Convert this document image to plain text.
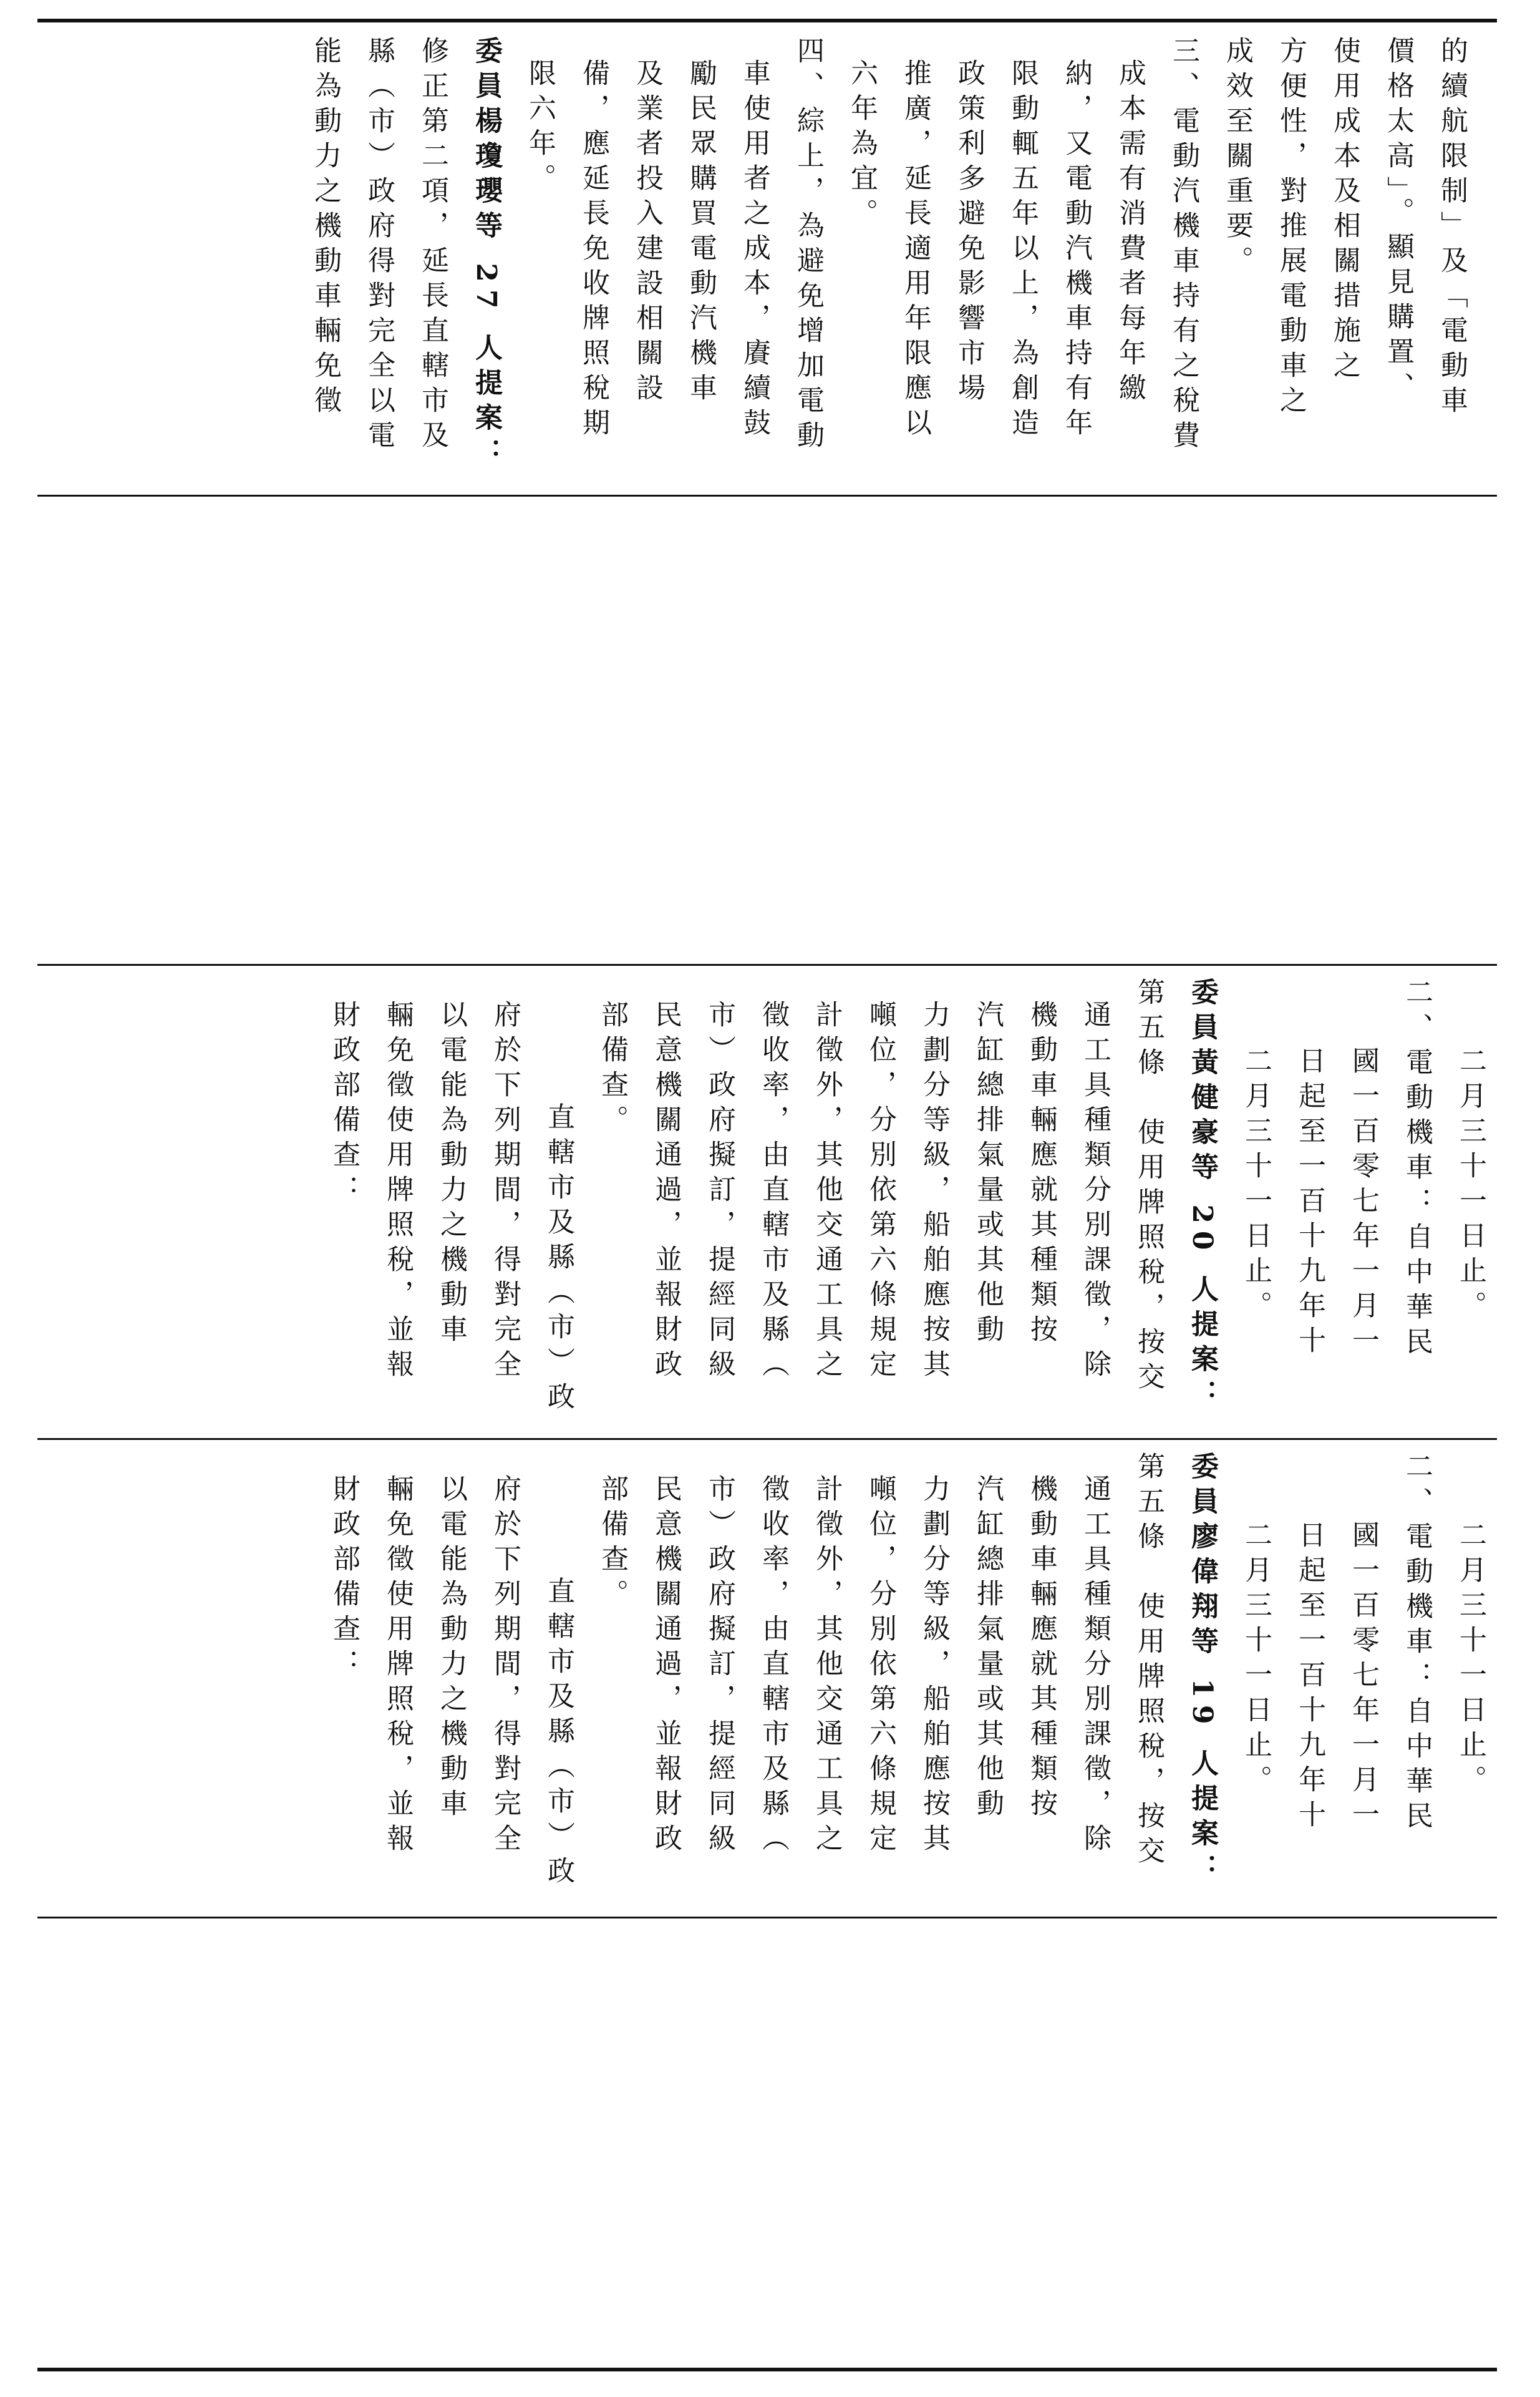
的續航限制」及「電動車
價格太高」。顯見購置、
使用成本及相關措施之
方便性，對推展電動車之
成效至關重要。
三、電動汽機車持有之稅費
成本需有消費者每年繳
納，又電動汽機車持有年
限動輒五年以上，為創造
政策利多避免影響市場
推廣，延長適用年限應以
六年為宜。
四、綜上，為避免增加電動
車使用者之成本，賡續鼓
勵民眾購買電動汽機車
及業者投入建設相關設
備，應延長免收牌照稅期
限六年。
委員楊瓊瓔等 27 人提案：
修正第二項，延長直轄市及
縣（市）政府得對完全以電
能為動力之機動車輛免徵
二月三十一日止。
二、電動機車：自中華民
國一百零七年一月一
日起至一百十九年十
二月三十一日止。
委員黃健豪等 20 人提案：
第五條　使用牌照稅，按交
通工具種類分別課徵，除
機動車輛應就其種類按
汽缸總排氣量或其他動
力劃分等級，船舶應按其
噸位，分別依第六條規定
計徵外，其他交通工具之
徵收率，由直轄市及縣（
市）政府擬訂，提經同級
民意機關通過，並報財政
部備查。
直轄市及縣（市）政
府於下列期間，得對完全
以電能為動力之機動車
輛免徵使用牌照稅，並報
財政部備查：
二月三十一日止。
二、電動機車：自中華民
國一百零七年一月一
日起至一百十九年十
二月三十一日止。
委員廖偉翔等 19 人提案：
第五條　使用牌照稅，按交
通工具種類分別課徵，除
機動車輛應就其種類按
汽缸總排氣量或其他動
力劃分等級，船舶應按其
噸位，分別依第六條規定
計徵外，其他交通工具之
徵收率，由直轄市及縣（
市）政府擬訂，提經同級
民意機關通過，並報財政
部備查。
直轄市及縣（市）政
府於下列期間，得對完全
以電能為動力之機動車
輛免徵使用牌照稅，並報
財政部備查：
